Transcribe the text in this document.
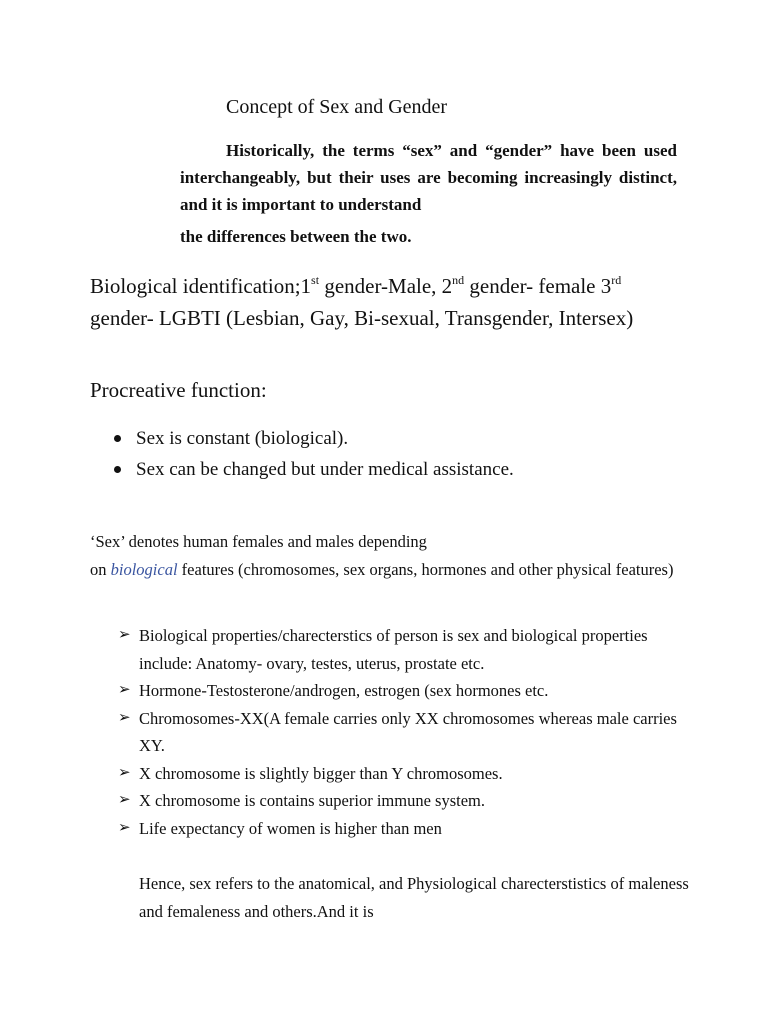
Concept of Sex and Gender
Historically, the terms “sex” and “gender” have been used interchangeably, but their uses are becoming increasingly distinct, and it is important to understand
the differences between the two.
Biological identification;1st gender-Male, 2nd gender- female 3rd gender- LGBTI (Lesbian, Gay, Bi-sexual, Transgender, Intersex)
Procreative function:
Sex is constant (biological).
Sex can be changed but under medical assistance.
‘Sex’ denotes human females and males depending
on biological features (chromosomes, sex organs, hormones and other physical features)
➢ Biological properties/charecterstics of person is sex and biological properties include: Anatomy- ovary, testes, uterus, prostate etc.
➢ Hormone-Testosterone/androgen, estrogen (sex hormones etc.
➢ Chromosomes-XX(A female carries only XX chromosomes whereas male carries XY.
➢ X chromosome is slightly bigger than Y chromosomes.
➢ X chromosome is contains superior immune system.
➢ Life expectancy of women is higher than men
Hence, sex refers to the anatomical, and Physiological charecterstistics of maleness and femaleness and others.And it is
